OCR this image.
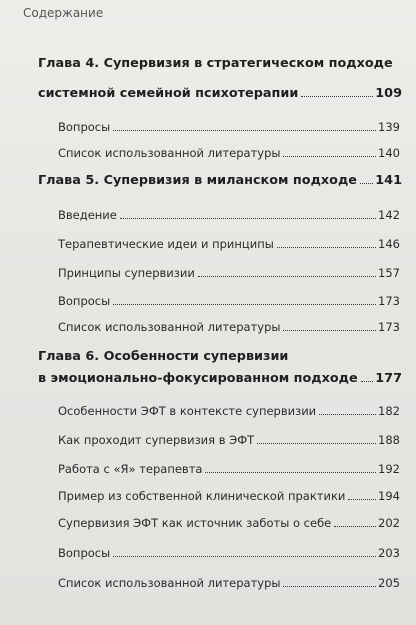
Содержание
Глава 4. Супервизия в стратегическом подходе
системной семейной психотерапии	109
Вопросы	139
Список использованной литературы	140
Глава 5. Супервизия в миланском подходе 141
Введение	142
Терапевтические идеи и принципы	146
Принципы супервизии	157
Вопросы	173
Список использованной литературы	173
Глава 6. Особенности супервизии
в эмоционально-фокусированном подходе 177
Особенности ЭФТ в контексте супервизии	182
Как проходит супервизия в ЭФТ	188
Работа с «Я» терапевта	192
Пример из собственной клинической практики	194
Супервизия ЭФТ как источник заботы о себе	202
Вопросы	203
Список использованной литературы	205
